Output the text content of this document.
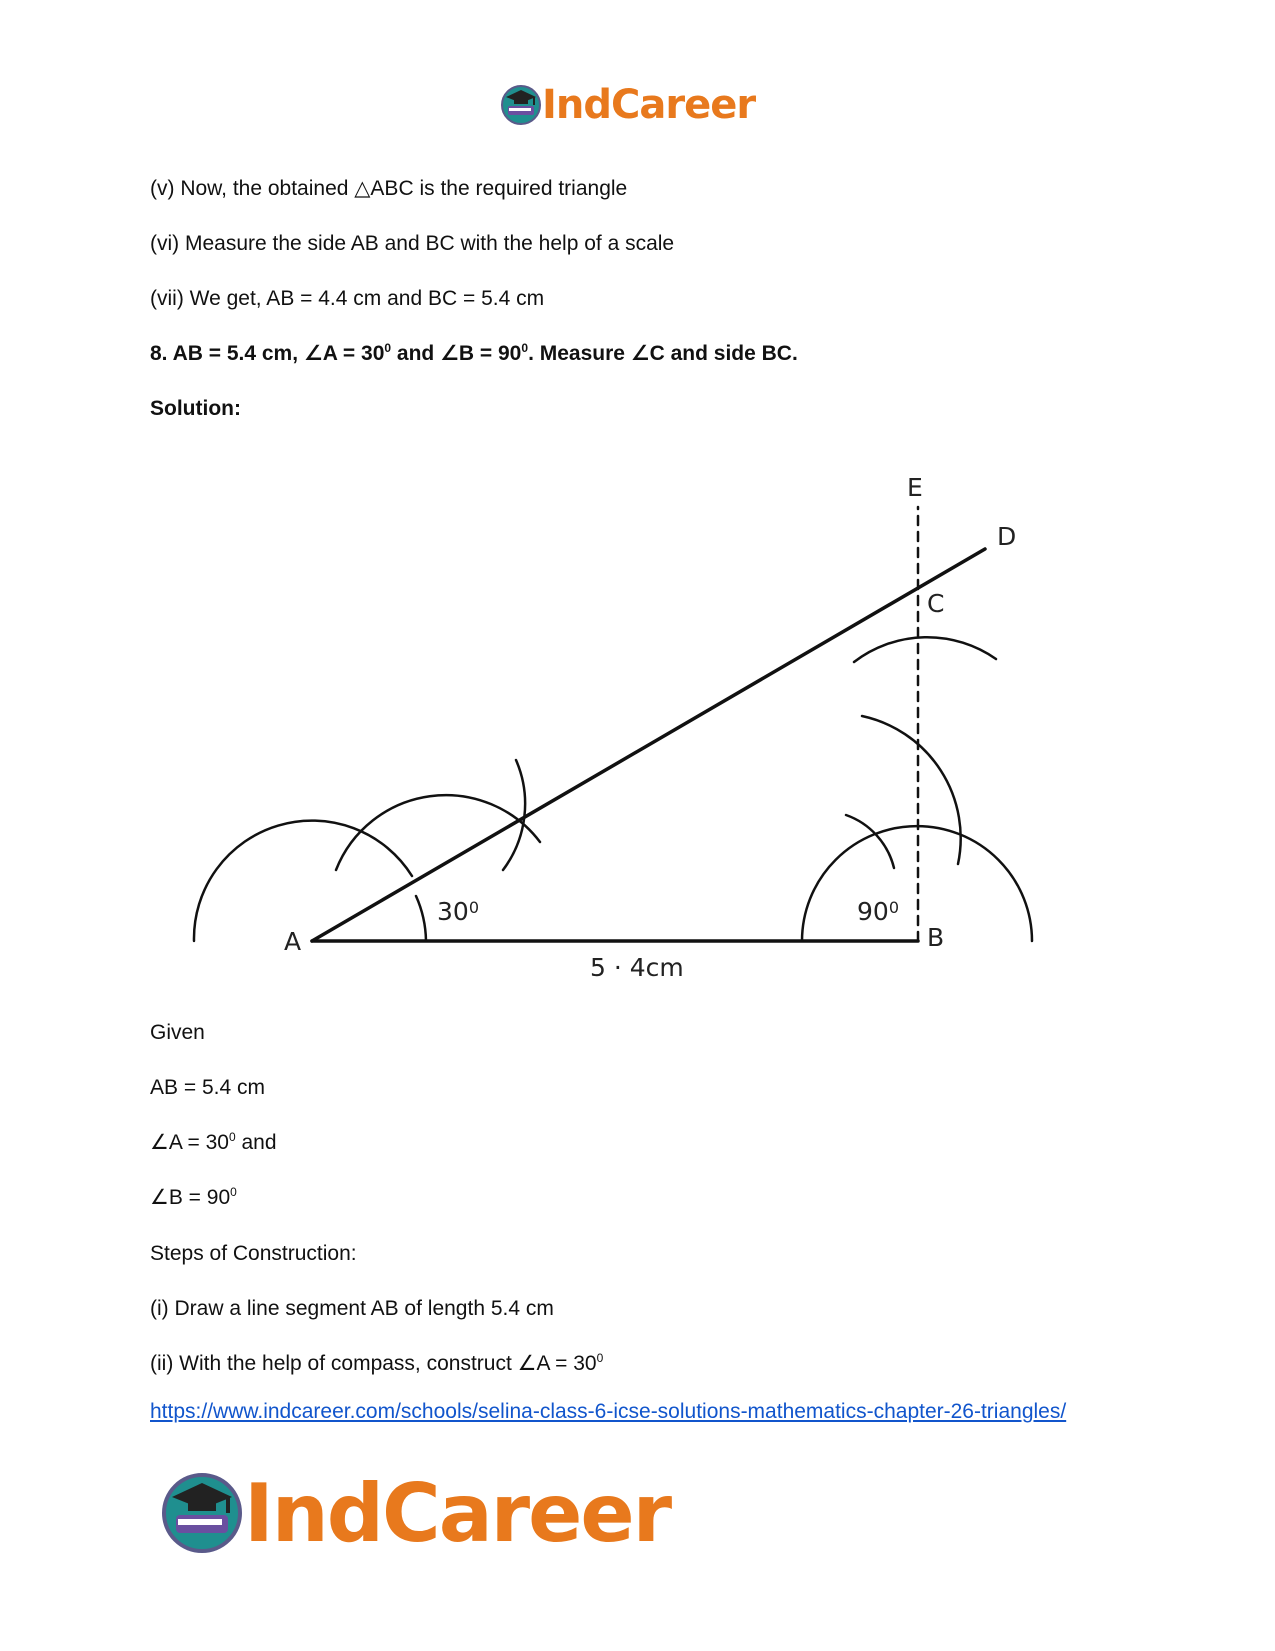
IndCareer
(v) Now, the obtained △ABC is the required triangle
(vi) Measure the side AB and BC with the help of a scale
(vii) We get, AB = 4.4 cm and BC = 5.4 cm
8. AB = 5.4 cm, ∠A = $30^0$ and ∠B = $90^0$. Measure ∠C and side BC.
Solution:
A	B
C
D
E
$30^0$	$90^0$
5 · 4cm
Given
AB = 5.4 cm
∠A = $30^0$ and
∠B = $90^0$
Steps of Construction:
(i) Draw a line segment AB of length 5.4 cm
(ii) With the help of compass, construct ∠A = $30^0$
https://www.indcareer.com/schools/selina-class-6-icse-solutions-mathematics-chapter-26-triangles/
IndCareer
